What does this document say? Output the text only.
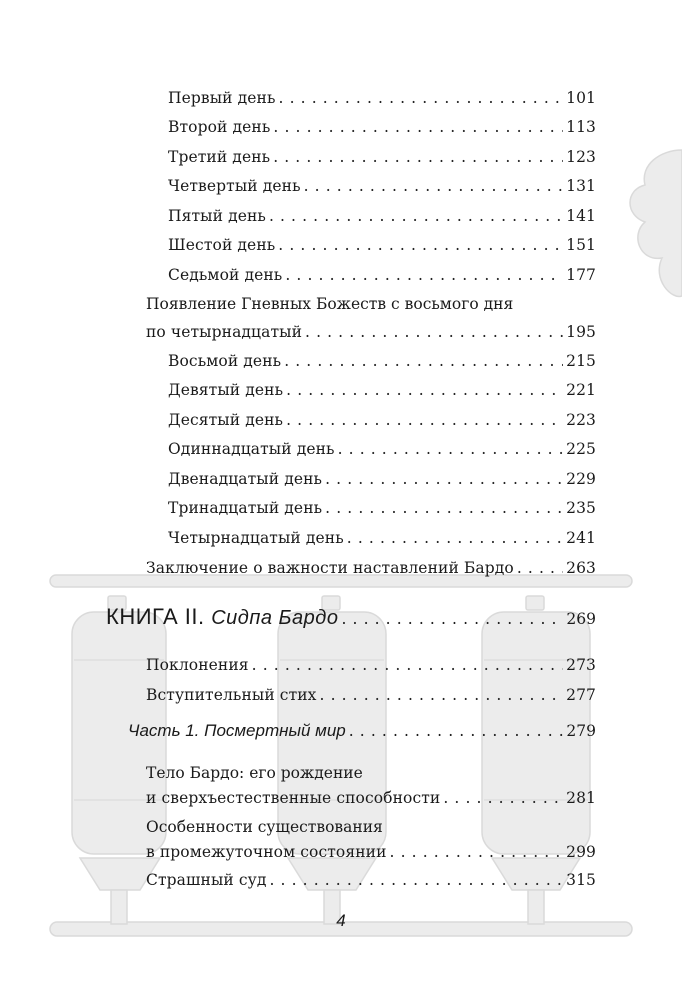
Первый день . . .	101
Второй день . . .	113
Третий день . . .	123
Четвертый день . . .	131
Пятый день . . .	141
Шестой день . . .	151
Седьмой день . . .	177
Появление Гневных Божеств с восьмого дня
по четырнадцатый . . .	195
Восьмой день . . .	215
Девятый день . . .	221
Десятый день . . .	223
Одиннадцатый день . . .	225
Двенадцатый день . . .	229
Тринадцатый день . . .	235
Четырнадцатый день . . .	241
Заключение о важности наставлений Бардо . . .	263
КНИГА II. Сидпа Бардо . . .	269
Поклонения . . .	273
Вступительный стих . . .	277
Часть 1. Посмертный мир . . .	279
Тело Бардо: его рождение
и сверхъестественные способности . . .	281
Особенности существования
в промежуточном состоянии . . .	299
Страшный суд . . .	315
4
